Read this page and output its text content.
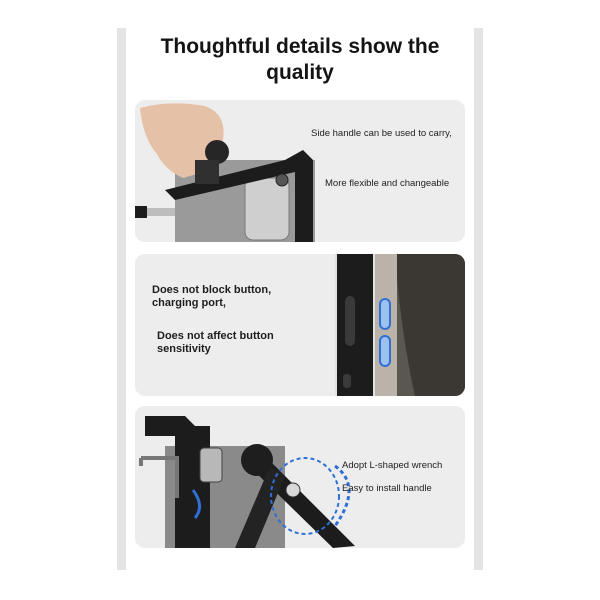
Thoughtful details show the
quality
Side handle can be used to carry,
More flexible and changeable
Does not block button,
charging port,
Does not affect button
sensitivity
Adopt L-shaped wrench
Easy to install handle
